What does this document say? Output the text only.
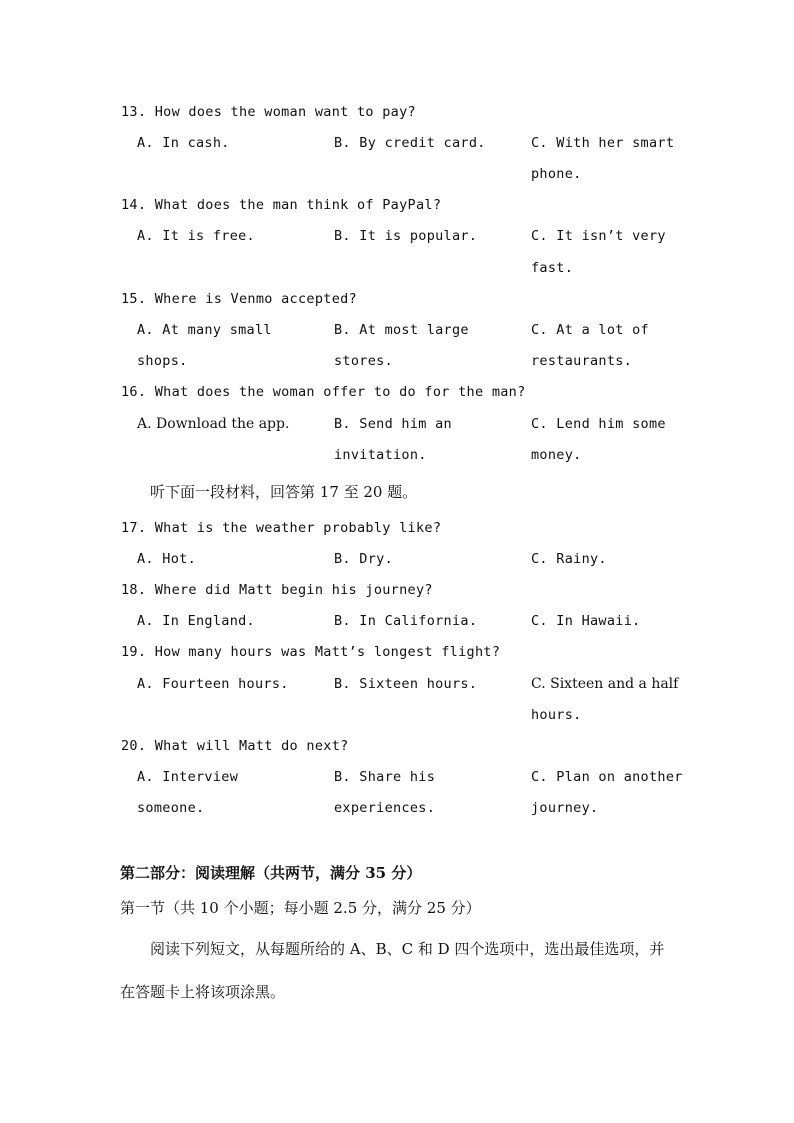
13. How does the woman want to pay?
A. In cash.	B. By credit card.	C. With her smart
phone.
14. What does the man think of PayPal?
A. It is free.	B. It is popular.	C. It isn’t very
fast.
15. Where is Venmo accepted?
A. At many small	B. At most large	C. At a lot of
shops.	stores.	restaurants.
16. What does the woman offer to do for the man?
A. Download the app.	B. Send him an	C. Lend him some
invitation.	money.
听下面一段材料，回答第 17 至 20 题。
17. What is the weather probably like?
A. Hot.	B. Dry.	C. Rainy.
18. Where did Matt begin his journey?
A. In England.	B. In California.	C. In Hawaii.
19. How many hours was Matt’s longest flight?
A. Fourteen hours.	B. Sixteen hours.	C. Sixteen and a half
hours.
20. What will Matt do next?
A. Interview	B. Share his	C. Plan on another
someone.	experiences.	journey.
第二部分：阅读理解（共两节，满分 35 分）
第一节（共 10 个小题；每小题 2.5 分，满分 25 分）
阅读下列短文，从每题所给的 A、B、C 和 D 四个选项中，选出最佳选项，并
在答题卡上将该项涂黑。
